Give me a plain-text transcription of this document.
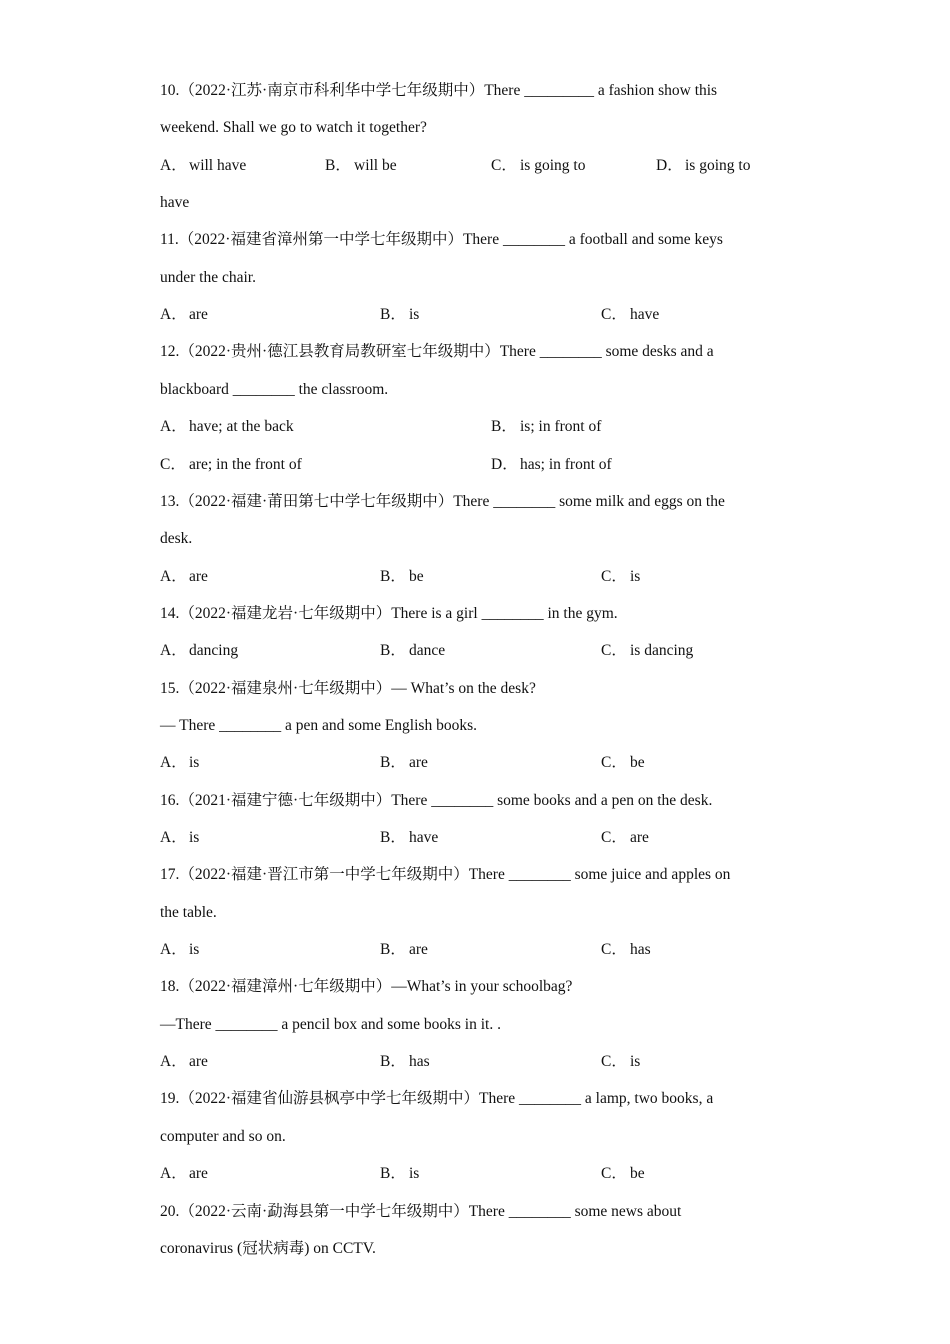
10.（2022·江苏·南京市科利华中学七年级期中）There _________ a fashion show this
weekend. Shall we go to watch it together?
A． will have	B． will be	C． is going to	D． is going to
have
11.（2022·福建省漳州第一中学七年级期中）There ________ a football and some keys
under the chair.
A． are	B． is	C． have
12.（2022·贵州·德江县教育局教研室七年级期中）There ________ some desks and a
blackboard ________ the classroom.
A． have; at the back	B． is; in front of
C． are; in the front of	D． has; in front of
13.（2022·福建·莆田第七中学七年级期中）There ________ some milk and eggs on the
desk.
A． are	B． be	C． is
14.（2022·福建龙岩·七年级期中）There is a girl ________ in the gym.
A． dancing	B． dance	C． is dancing
15.（2022·福建泉州·七年级期中）— What’s on the desk?
— There ________ a pen and some English books.
A． is	B． are	C． be
16.（2021·福建宁德·七年级期中）There ________ some books and a pen on the desk.
A． is	B． have	C． are
17.（2022·福建·晋江市第一中学七年级期中）There ________ some juice and apples on
the table.
A． is	B． are	C． has
18.（2022·福建漳州·七年级期中）—What’s in your schoolbag?
—There ________ a pencil box and some books in it. .
A． are	B． has	C． is
19.（2022·福建省仙游县枫亭中学七年级期中）There ________ a lamp, two books, a
computer and so on.
A． are	B． is	C． be
20.（2022·云南·勐海县第一中学七年级期中）There ________ some news about
coronavirus (冠状病毒) on CCTV.
